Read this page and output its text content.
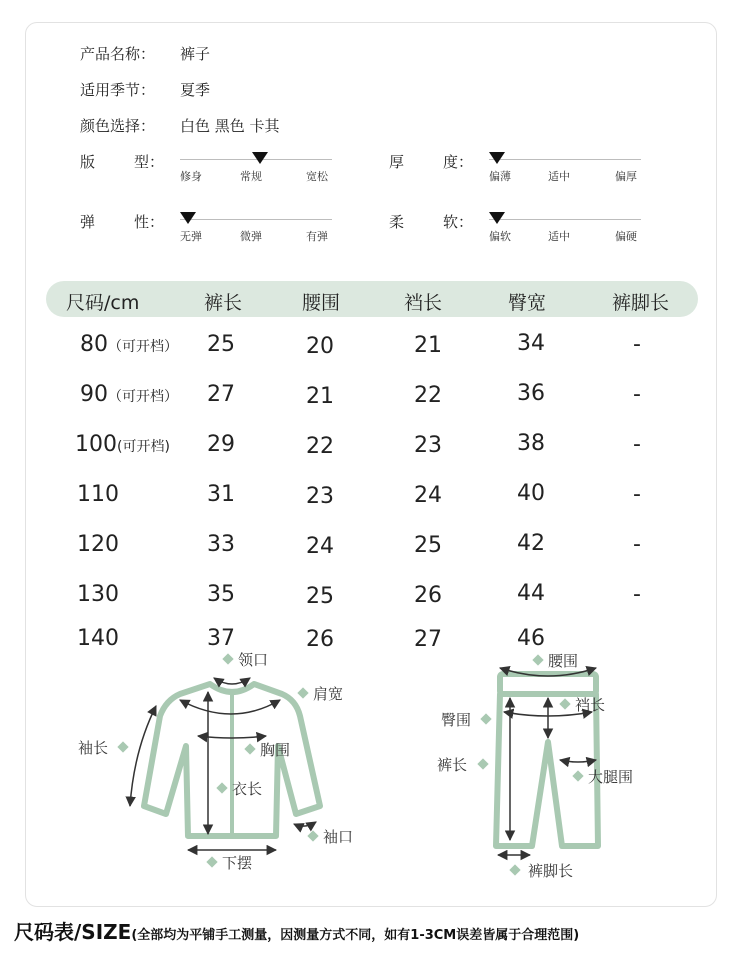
产品名称： 裤子
适用季节： 夏季
颜色选择： 白色 黑色 卡其
版	型：
修身	常规	宽松
厚	度：
偏薄	适中	偏厚
弹	性：
无弹	微弹	有弹
柔	软：
偏软	适中	偏硬
尺码/cm	裤长	腰围	裆长	臀宽	裤脚长
80（可开档） 25	20	21	34	-
90（可开档） 27	21	22	36	-
100(可开档) 29	22	23	38	-
110	31	23	24	40	-
120	33	24	25	42	-
130	35	25	26	44	-
140	37	26	27	46
领口
肩宽
袖长	胸围
衣长
袖口
下摆
腰围
裆长
臀围
裤长
大腿围
裤脚长
尺码表/SIZE(全部均为平铺手工测量，因测量方式不同，如有1-3CM误差皆属于合理范围)
